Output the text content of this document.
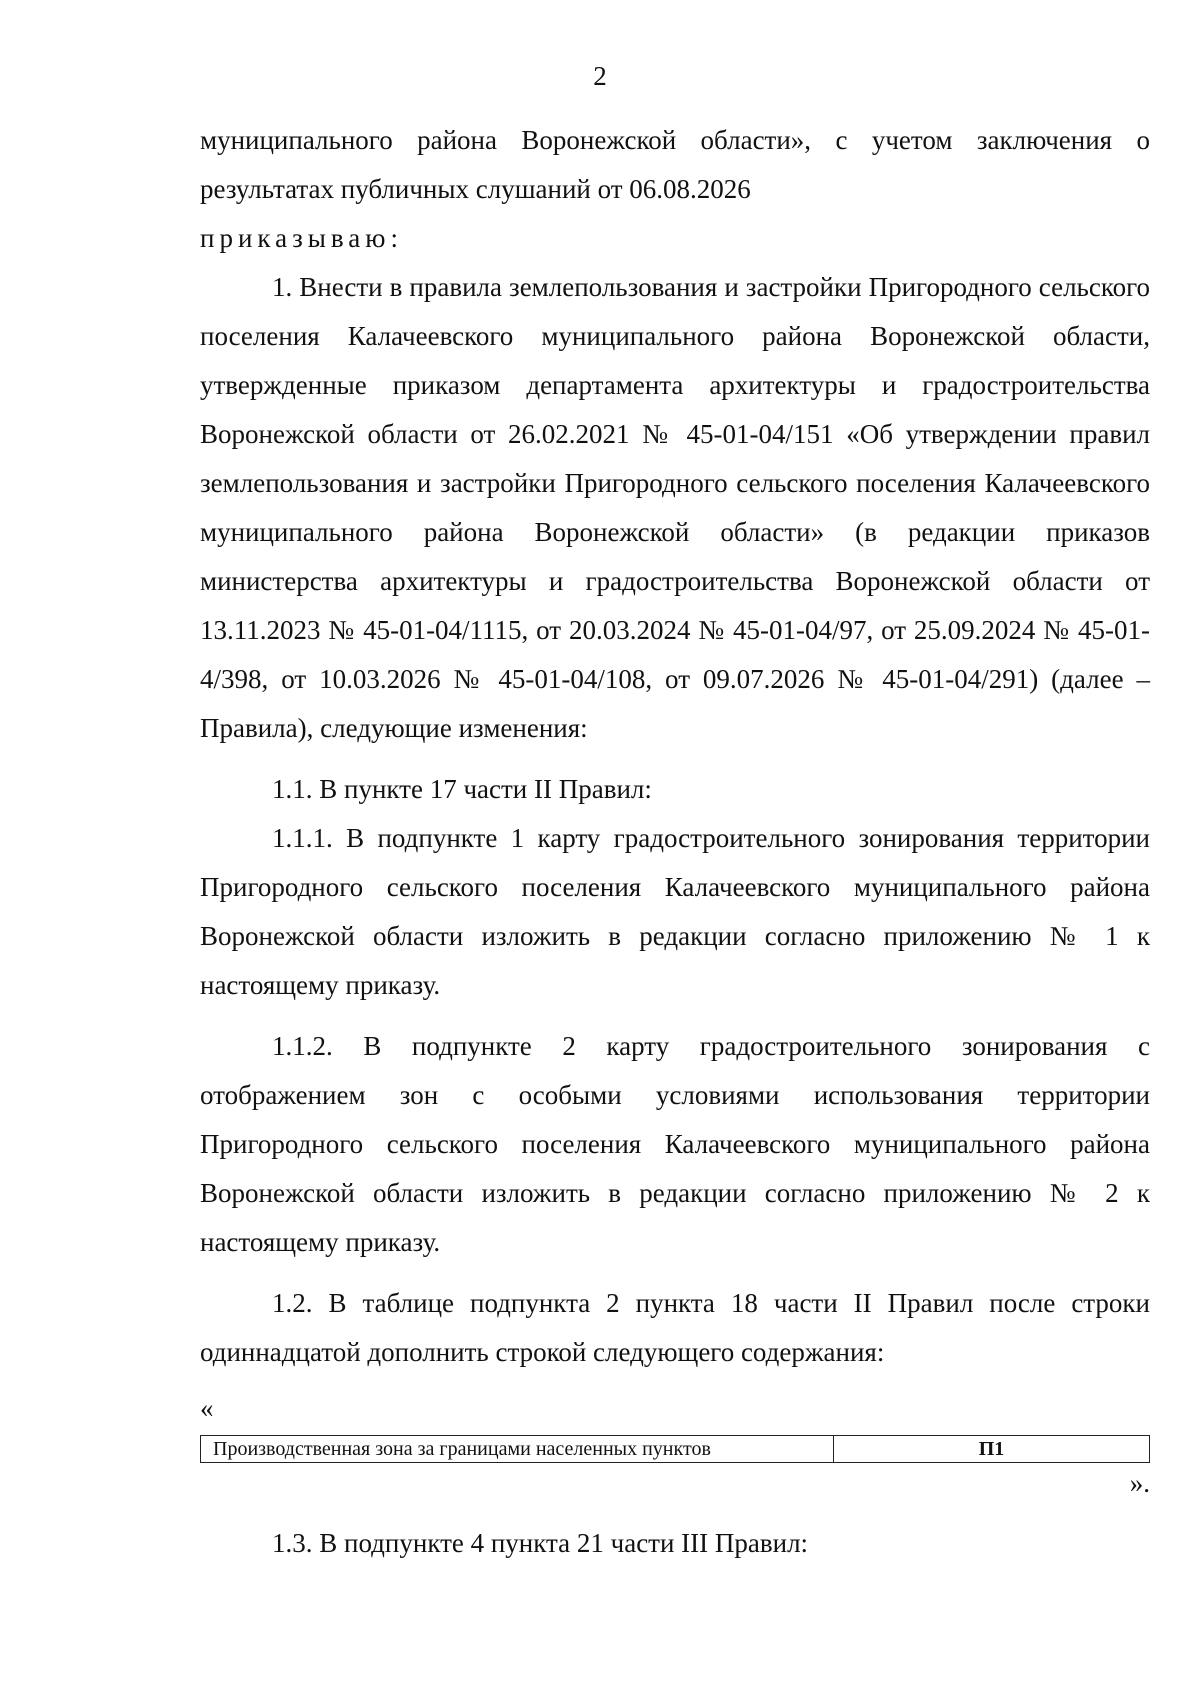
2

муниципального района Воронежской области», с учетом заключения о результатах публичных слушаний от 06.08.2026

приказываю:

1. Внести в правила землепользования и застройки Пригородного сельского поселения Калачеевского муниципального района Воронежской области, утвержденные приказом департамента архитектуры и градостроительства Воронежской области от 26.02.2021 № 45-01-04/151 «Об утверждении правил землепользования и застройки Пригородного сельского поселения Калачеевского муниципального района Воронежской области» (в редакции приказов министерства архитектуры и градостроительства Воронежской области от 13.11.2023 № 45-01-04/1115, от 20.03.2024 № 45-01-04/97, от 25.09.2024 № 45-01-4/398, от 10.03.2026 № 45-01-04/108, от 09.07.2026 № 45-01-04/291) (далее – Правила), следующие изменения:

1.1. В пункте 17 части II Правил:

1.1.1. В подпункте 1 карту градостроительного зонирования территории Пригородного сельского поселения Калачеевского муниципального района Воронежской области изложить в редакции согласно приложению № 1 к настоящему приказу.

1.1.2. В подпункте 2 карту градостроительного зонирования с отображением зон с особыми условиями использования территории Пригородного сельского поселения Калачеевского муниципального района Воронежской области изложить в редакции согласно приложению № 2 к настоящему приказу.

1.2. В таблице подпункта 2 пункта 18 части II Правил после строки одиннадцатой дополнить строкой следующего содержания:

«

Производственная зона за границами населенных пунктов	П1

».

1.3. В подпункте 4 пункта 21 части III Правил:
